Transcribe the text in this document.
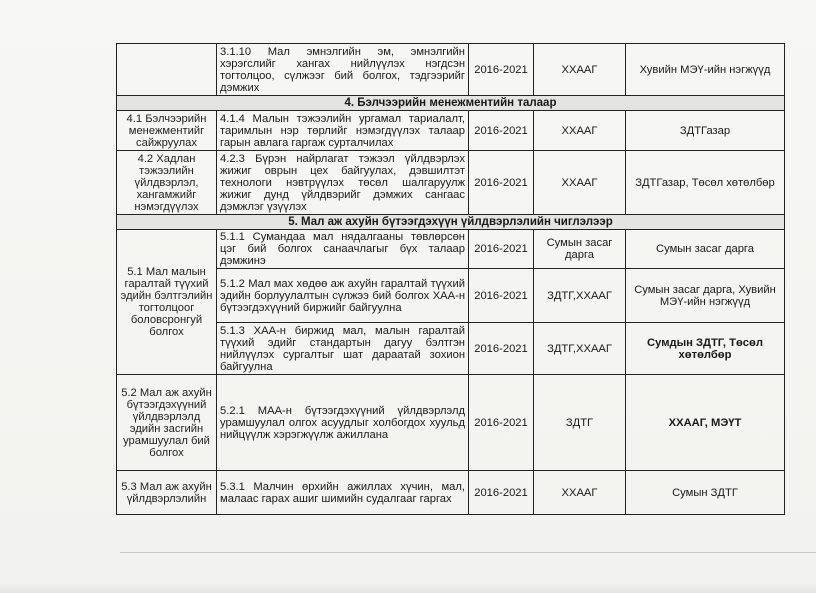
	3.1.10 Мал эмнэлгийн эм, эмнэлгийн хэрэгслийг хангах нийлүүлэх нэгдсэн тогтолцоо, сүлжээг бий болгох, тэдгээрийг дэмжих	2016-2021	ХХААГ	Хувийн МЭҮ-ийн нэгжүүд
4. Бэлчээрийн менежментийн талаар				
4.1 Бэлчээрийн менежментийг сайжруулах	4.1.4 Малын тэжээлийн ургамал тариалалт, таримлын нэр төрлийг нэмэгдүүлэх талаар гарын авлага гаргаж сурталчилах	2016-2021	ХХААГ	ЗДТГазар
4.2 Хадлан тэжээлийн үйлдвэрлэл, хангамжийг нэмэгдүүлэх	4.2.3 Бүрэн найрлагат тэжээл үйлдвэрлэх жижиг оврын цех байгуулах, дэвшилтэт технологи нэвтрүүлэх төсөл шалгаруулж жижиг дунд үйлдвэрийг дэмжих сангаас дэмжлэг үзүүлэх	2016-2021	ХХААГ	ЗДТГазар, Төсөл хөтөлбөр
5. Мал аж ахуйн бүтээгдэхүүн үйлдвэрлэлийн чиглэлээр				
5.1 Мал малын гаралтай түүхий эдийн бэлтгэлийн тогтолцоог боловсронгуй болгох	5.1.1 Сумандаа мал нядалгааны төвлөрсөн цэг бий болгох санаачлагыг бүх талаар дэмжинэ	2016-2021	Сумын засаг дарга	Сумын засаг дарга
	5.1.2 Мал мах хөдөө аж ахуйн гаралтай түүхий эдийн борлуулалтын сүлжээ бий болгох ХАА-н бүтээгдэхүүний биржийг байгуулна	2016-2021	ЗДТГ,ХХААГ	Сумын засаг дарга, Хувийн МЭҮ-ийн нэгжүүд
	5.1.3 ХАА-н биржид мал, малын гаралтай түүхий эдийг стандартын дагуу бэлтгэн нийлүүлэх сургалтыг шат дараатай зохион байгуулна	2016-2021	ЗДТГ,ХХААГ	Сумдын ЗДТГ, Төсөл хөтөлбөр
5.2 Мал аж ахуйн бүтээгдэхүүний үйлдвэрлэлд эдийн засгийн урамшуулал бий болгох	5.2.1 МАА-н бүтээгдэхүүний үйлдвэрлэлд урамшуулал олгох асуудлыг холбогдох хуульд нийцүүлж хэрэгжүүлж ажиллана	2016-2021	ЗДТГ	ХХААГ, МЭҮТ
5.3 Мал аж ахуйн үйлдвэрлэлийн	5.3.1 Малчин өрхийн ажиллах хүчин, мал, малаас гарах ашиг шимийн судалгааг гаргах	2016-2021	ХХААГ	Сумын ЗДТГ
